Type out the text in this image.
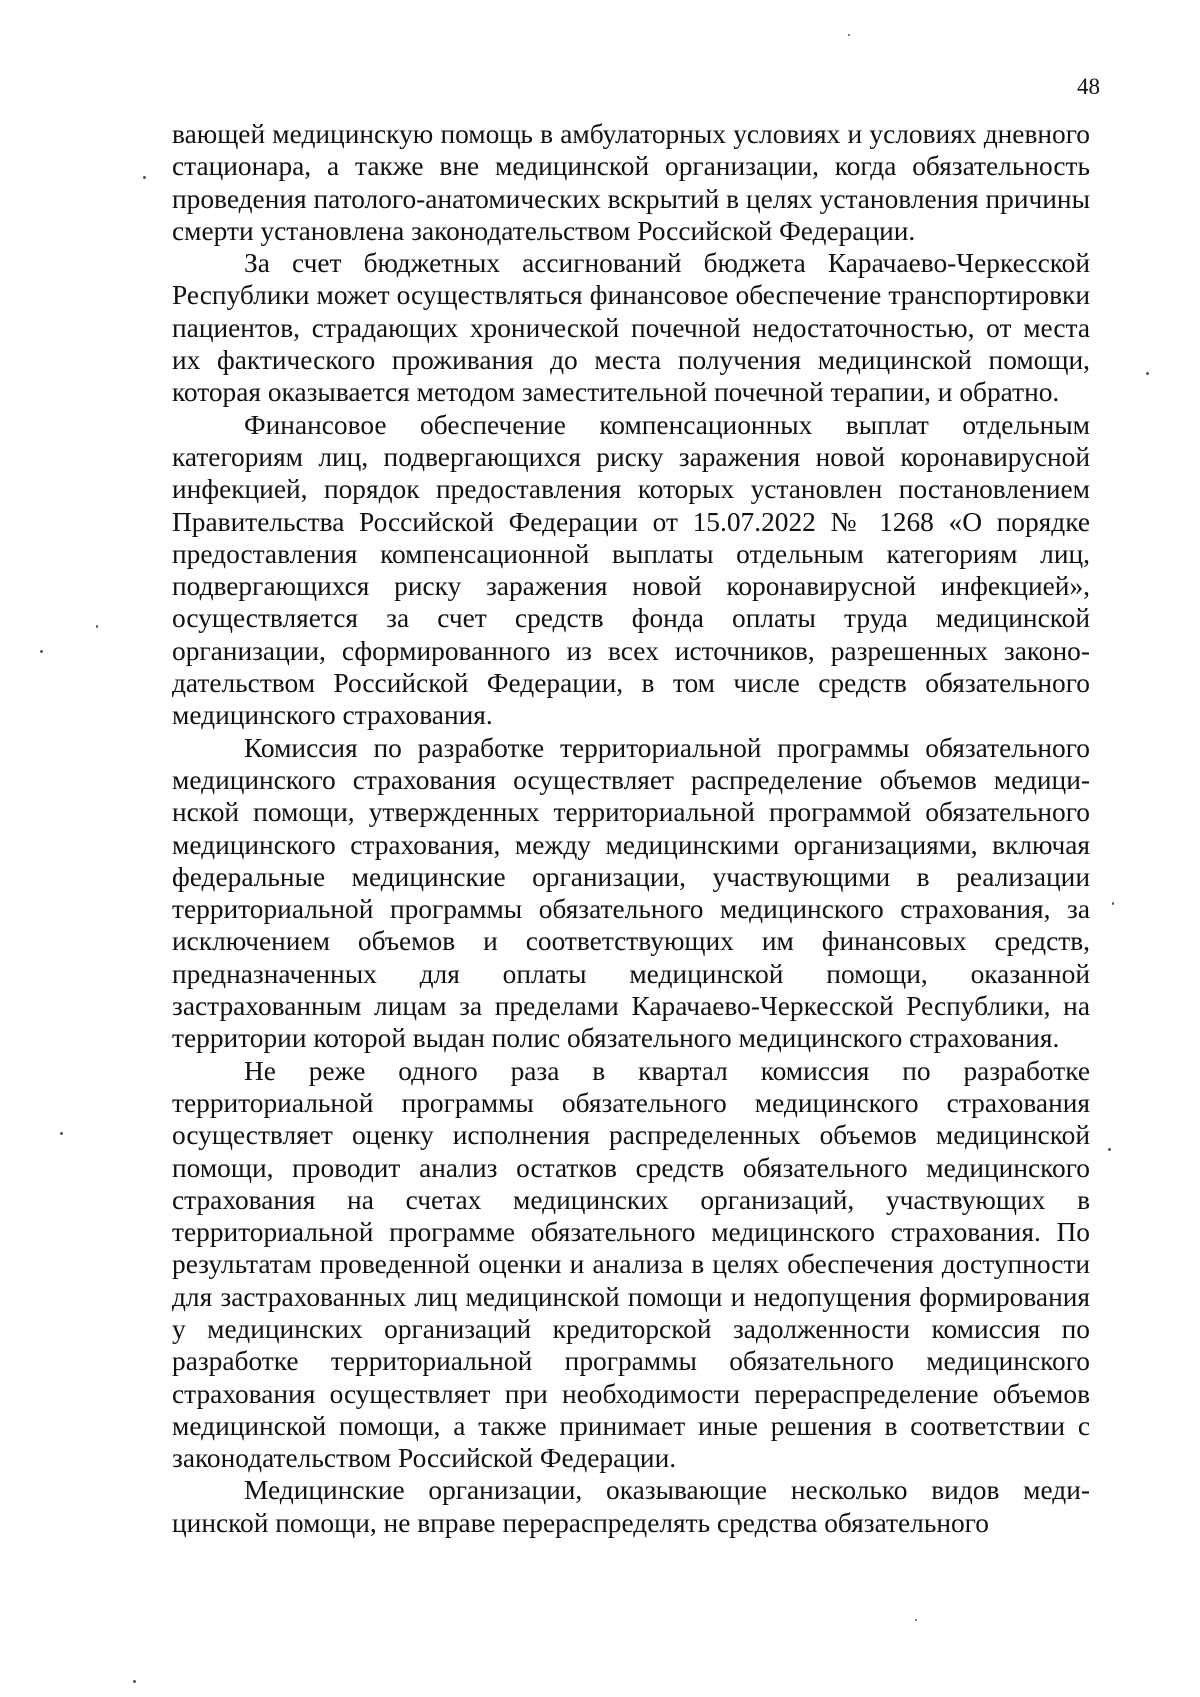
48

вающей медицинскую помощь в амбулаторных условиях и условиях дневного стационара, а также вне медицинской организации, когда обязательность проведения патолого-анатомических вскрытий в целях установления причины смерти установлена законодательством Российской Федерации.

За счет бюджетных ассигнований бюджета Карачаево-Черкесской Республики может осуществляться финансовое обеспечение транспортировки пациентов, страдающих хронической почечной недостаточностью, от места их фактического проживания до места получения медицинской помощи, которая оказывается методом заместительной почечной терапии, и обратно.

Финансовое обеспечение компенсационных выплат отдельным категориям лиц, подвергающихся риску заражения новой коронавирусной инфекцией, порядок предоставления которых установлен постановлением Правительства Российской Федерации от 15.07.2022 № 1268 «О порядке предоставления компенсационной выплаты отдельным категориям лиц, подвергающихся риску заражения новой коронавирусной инфекцией», осуществляется за счет средств фонда оплаты труда медицинской организации, сформированного из всех источников, разрешенных законодательством Российской Федерации, в том числе средств обязательного медицинского страхования.

Комиссия по разработке территориальной программы обязательного медицинского страхования осуществляет распределение объемов медицинской помощи, утвержденных территориальной программой обязательного медицинского страхования, между медицинскими организациями, включая федеральные медицинские организации, участвующими в реализации территориальной программы обязательного медицинского страхования, за исключением объемов и соответствующих им финансовых средств, предназначенных для оплаты медицинской помощи, оказанной застрахованным лицам за пределами Карачаево-Черкесской Республики, на территории которой выдан полис обязательного медицинского страхования.

Не реже одного раза в квартал комиссия по разработке территориальной программы обязательного медицинского страхования осуществляет оценку исполнения распределенных объемов медицинской помощи, проводит анализ остатков средств обязательного медицинского страхования на счетах медицинских организаций, участвующих в территориальной программе обязательного медицинского страхования. По результатам проведенной оценки и анализа в целях обеспечения доступности для застрахованных лиц медицинской помощи и недопущения формирования у медицинских организаций кредиторской задолженности комиссия по разработке территориальной программы обязательного медицинского страхования осуществляет при необходимости перераспределение объемов медицинской помощи, а также принимает иные решения в соответствии с законодательством Российской Федерации.

Медицинские организации, оказывающие несколько видов медицинской помощи, не вправе перераспределять средства обязательного
